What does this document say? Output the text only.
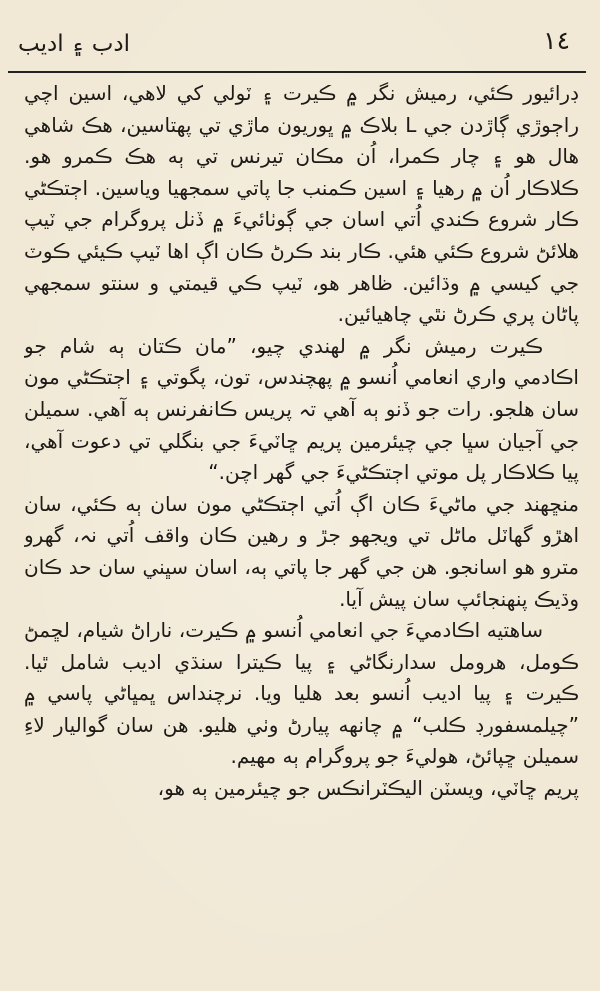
١٤
ادب ۽ اديب

ڊرائيور ڪئي، رميش نگر ۾ ڪيرت ۽ ٽولي کي لاهي، اسين اچي راڄوڙي ڳاڙدن جي L بلاڪ ۾ ڀوريون ماڙي تي پهتاسين، هڪ شاهي هال هو ۽ چار ڪمرا، اُن مڪان تيرنس تي ٻه هڪ ڪمرو هو. ڪلاڪار اُن ۾ رهيا ۽ اسين ڪمنب جا پاتي سمجهيا وياسين. اڄتڪڻي ڪار شروع ڪندي اُتي اسان جي ڳوٺائيءَ ۾ ڏنل پروگرام جي ٽيپ هلائڻ شروع ڪئي هئي. ڪار بند ڪرڻ ڪان اڳ اها ٽيپ ڪيئي ڪوٽ جي کيسي ۾ وڌائين. ظاهر هو، ٽيپ ڪي قيمتي و سنتو سمجهي پاڻان پري ڪرڻ نٿي چاهيائين.

ڪيرت رميش نگر ۾ لهندي چيو، ”مان ڪتان ٻه شام جو اڪادمي واري انعامي اُنسو ۾ پهچندس، تون، پگوتي ۽ اڄتڪڻي مون سان هلجو. رات جو ڏنو ٻه آهي تہ پريس ڪانفرنس ٻه آهي. سميلن جي آجيان سڀا جي چيئرمين پريم ڇاٽيءَ جي بنگلي تي دعوت آهي، پيا ڪلاڪار پل موتي اڄتڪڻيءَ جي گهر اچن.“

منڇهند جي ماڻيءَ ڪان اڳ اُتي اڄتڪڻي مون سان ٻه ڪئي، سان اهڙو گهاٽل ماڻل تي ويجهو جڙ و رهين ڪان واقف اُتي نہ، گهرو مترو هو اسانجو. هن جي گهر جا پاتي ٻه، اسان سڀني سان حد ڪان وڌيڪ پنهنجائپ سان پيش آيا.

ساهتيه اڪادميءَ جي انعامي اُنسو ۾ ڪيرت، ناراڻ شيام، لڇمڻ ڪومل، هرومل سدارنگاڻي ۽ پيا ڪيترا سنڌي اديب شامل ٿيا. ڪيرت ۽ پيا اديب اُنسو بعد هليا ويا. نرچنداس ڀمڀاڻي پاسي ۾ ”چيلمسفورڊ ڪلب“ ۾ چانهه پيارڻ وٺي هليو. هن سان گواليار لاءِ سميلن ڇپائڻ، هوليءَ جو پروگرام ٻه مهيم.

پريم ڇاٽي، ويسٽن اليڪٽرانڪس جو چيئرمين ٻه هو،
